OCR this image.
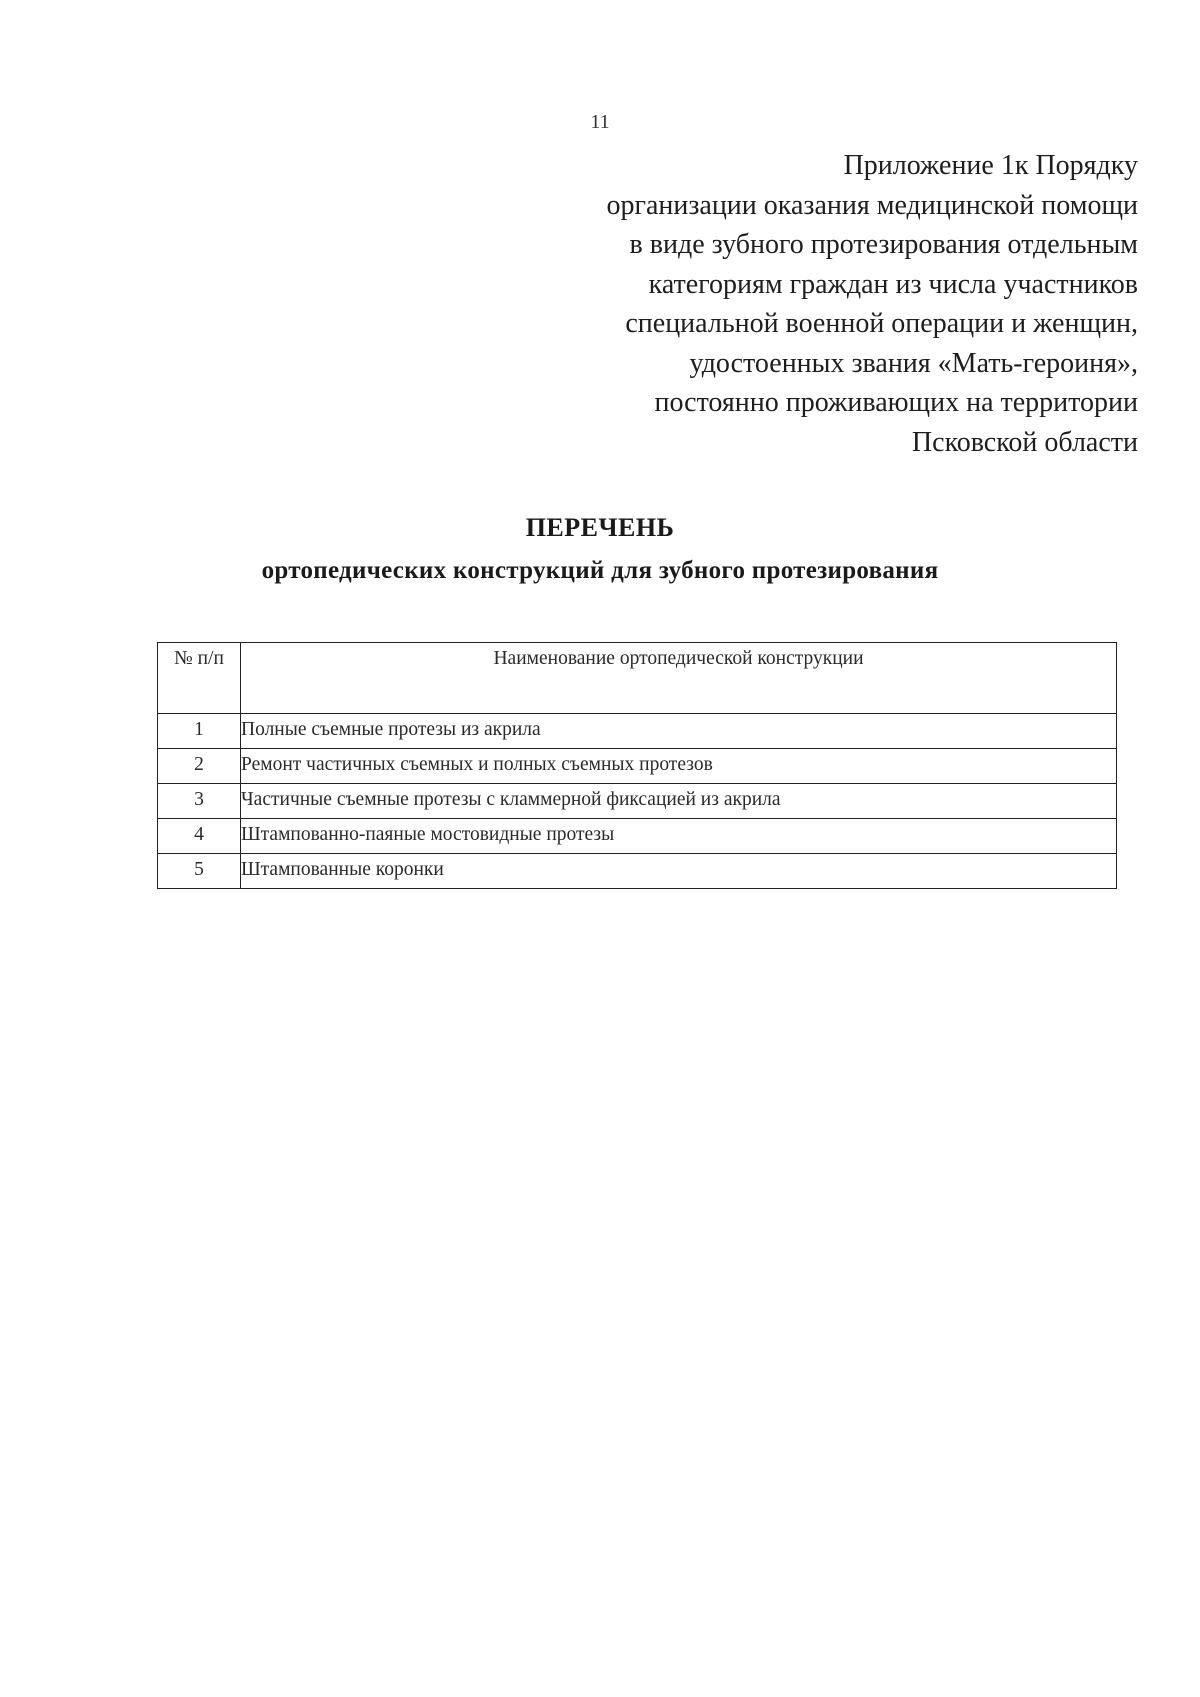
11
Приложение 1к Порядку
организации оказания медицинской помощи
в виде зубного протезирования отдельным
категориям граждан из числа участников
специальной военной операции и женщин,
удостоенных звания «Мать-героиня»,
постоянно проживающих на территории
Псковской области
ПЕРЕЧЕНЬ
ортопедических конструкций для зубного протезирования
№ п/п	Наименование ортопедической конструкции
1	Полные съемные протезы из акрила
2	Ремонт частичных съемных и полных съемных протезов
3	Частичные съемные протезы с кламмерной фиксацией из акрила
4	Штампованно-паяные мостовидные протезы
5	Штампованные коронки
